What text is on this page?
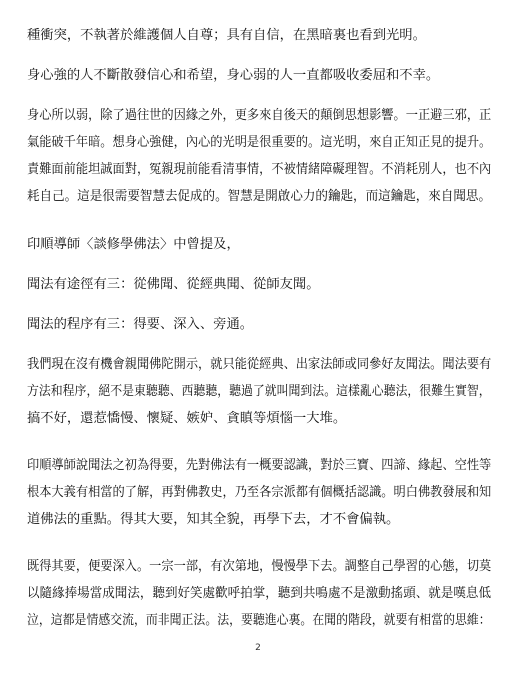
種衝突，不執著於維護個人自尊；具有自信，在黑暗裏也看到光明。
身心強的人不斷散發信心和希望，身心弱的人一直都吸收委屈和不幸。
身心所以弱，除了過往世的因緣之外，更多來自後天的顛倒思想影響。一正避三邪，正
氣能破千年暗。想身心強健，內心的光明是很重要的。這光明，來自正知正見的提升。
責難面前能坦誠面對，冤親現前能看清事情，不被情緒障礙理智。不消耗別人，也不內
耗自己。這是很需要智慧去促成的。智慧是開啟心力的鑰匙，而這鑰匙，來自聞思。
印順導師〈談修學佛法〉中曾提及，
聞法有途徑有三：從佛聞、從經典聞、從師友聞。
聞法的程序有三：得要、深入、旁通。
我們現在沒有機會親聞佛陀開示，就只能從經典、出家法師或同參好友聞法。聞法要有
方法和程序，絕不是東聽聽、西聽聽，聽過了就叫聞到法。這樣亂心聽法，很難生實智，
搞不好，還惹憍慢、懷疑、嫉妒、貪瞋等煩惱一大堆。
印順導師說聞法之初為得要，先對佛法有一概要認識，對於三寶、四諦、緣起、空性等
根本大義有相當的了解，再對佛教史，乃至各宗派都有個概括認識。明白佛教發展和知
道佛法的重點。得其大要，知其全貌，再學下去，才不會偏執。
既得其要，便要深入。一宗一部，有次第地，慢慢學下去。調整自己學習的心態，切莫
以隨緣捧場當成聞法，聽到好笑處歡呼拍掌，聽到共鳴處不是激動搖頭、就是嘆息低
泣，這都是情感交流，而非聞正法。法，要聽進心裏。在聞的階段，就要有相當的思維：
2
